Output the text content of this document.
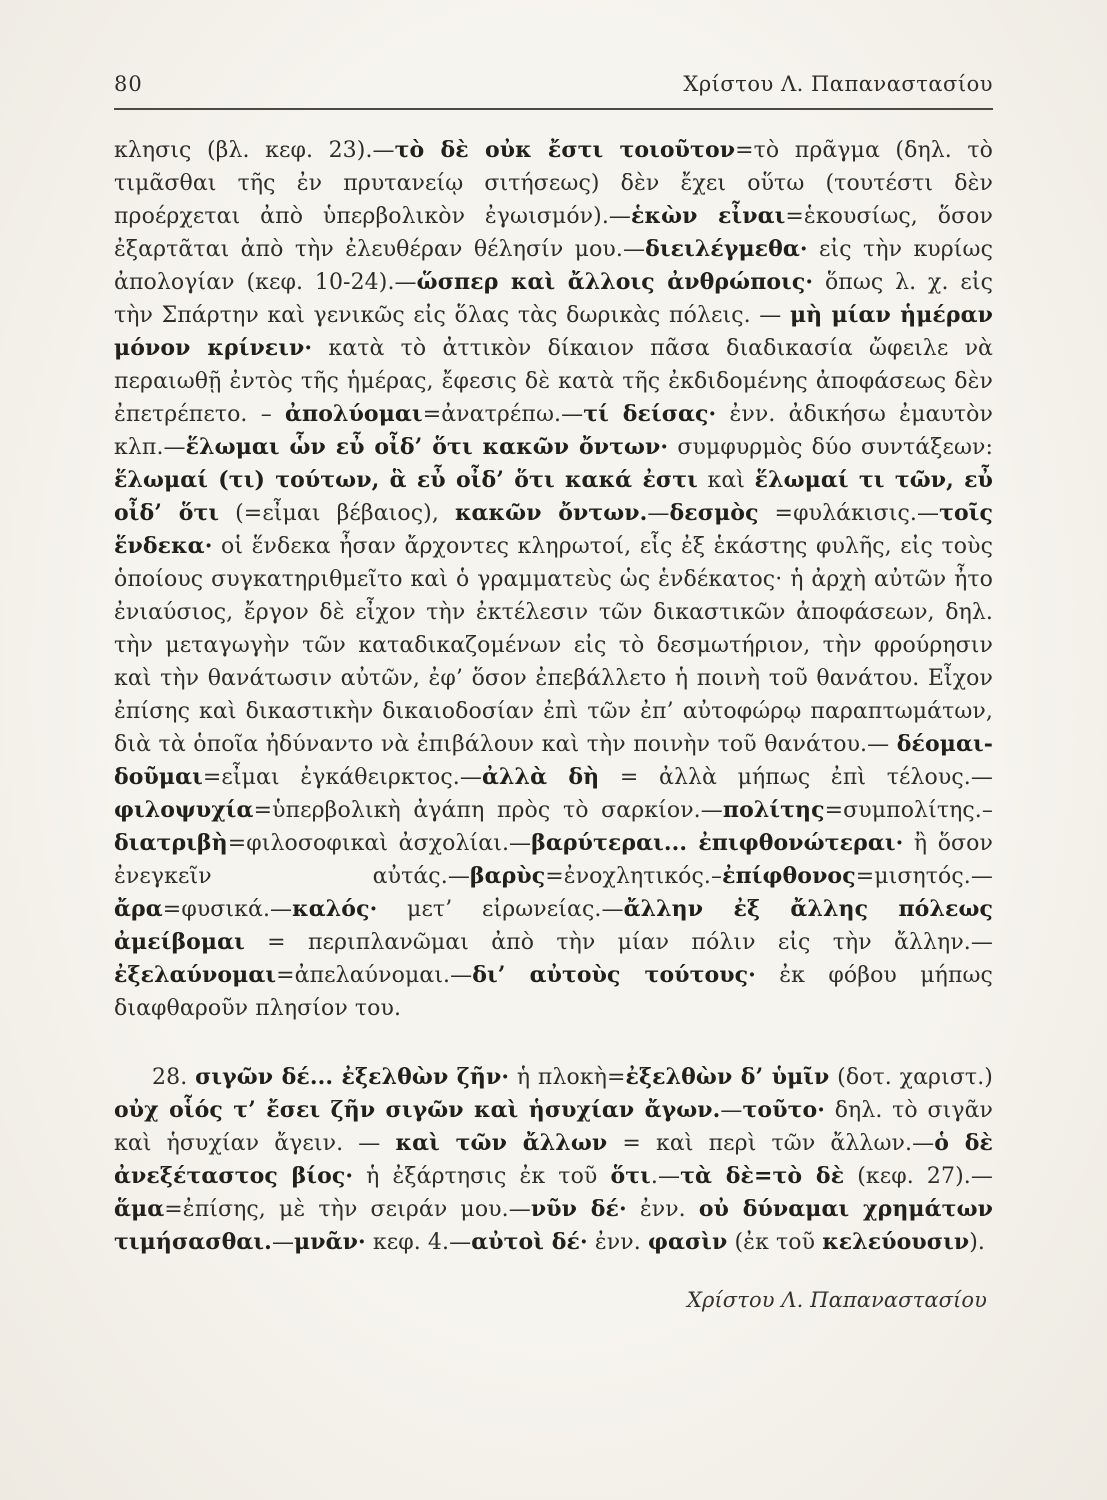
80	Χρίστου Λ. Παπαναστασίου

κλησις (βλ. κεφ. 23).—τὸ δὲ οὐκ ἔστι τοιοῦτον=τὸ πρᾶγμα (δηλ. τὸ τιμᾶσθαι τῆς ἐν πρυτανείῳ σιτήσεως) δὲν ἔχει οὕτω (τουτέστι δὲν προέρχεται ἀπὸ ὑπερβολικὸν ἐγωισμόν).—ἑκὼν εἶναι=ἑκουσίως, ὅσον ἐξαρτᾶται ἀπὸ τὴν ἐλευθέραν θέλησίν μου.—διειλέγμεθα· εἰς τὴν κυρίως ἀπολογίαν (κεφ. 10-24).—ὥσπερ καὶ ἄλλοις ἀνθρώποις· ὅπως λ. χ. εἰς τὴν Σπάρτην καὶ γενικῶς εἰς ὅλας τὰς δωρικὰς πόλεις. — μὴ μίαν ἡμέραν μόνον κρίνειν· κατὰ τὸ ἀττικὸν δίκαιον πᾶσα διαδικασία ὤφειλε νὰ περαιωθῇ ἐντὸς τῆς ἡμέρας, ἔφεσις δὲ κατὰ τῆς ἐκδιδομένης ἀποφάσεως δὲν ἐπετρέπετο. – ἀπολύομαι=ἀνατρέπω.—τί δείσας· ἐνν. ἀδικήσω ἐμαυτὸν κλπ.—ἕλωμαι ὧν εὖ οἶδ’ ὅτι κακῶν ὄντων· συμφυρμὸς δύο συντάξεων: ἕλωμαί (τι) τούτων, ἃ εὖ οἶδ’ ὅτι κακά ἐστι καὶ ἕλωμαί τι τῶν, εὖ οἶδ’ ὅτι (=εἶμαι βέβαιος), κακῶν ὄντων.—δεσμὸς =φυλάκισις.—τοῖς ἕνδεκα· οἱ ἕνδεκα ἦσαν ἄρχοντες κληρωτοί, εἷς ἐξ ἑκάστης φυλῆς, εἰς τοὺς ὁποίους συγκατηριθμεῖτο καὶ ὁ γραμματεὺς ὡς ἑνδέκατος· ἡ ἀρχὴ αὐτῶν ἦτο ἐνιαύσιος, ἔργον δὲ εἶχον τὴν ἐκτέλεσιν τῶν δικαστικῶν ἀποφάσεων, δηλ. τὴν μεταγωγὴν τῶν καταδικαζομένων εἰς τὸ δεσμωτήριον, τὴν φρούρησιν καὶ τὴν θανάτωσιν αὐτῶν, ἐφ’ ὅσον ἐπεβάλλετο ἡ ποινὴ τοῦ θανάτου. Εἶχον ἐπίσης καὶ δικαστικὴν δικαιοδοσίαν ἐπὶ τῶν ἐπ’ αὐτοφώρῳ παραπτωμάτων, διὰ τὰ ὁποῖα ἠδύναντο νὰ ἐπιβάλουν καὶ τὴν ποινὴν τοῦ θανάτου.— δέομαι-δοῦμαι=εἶμαι ἐγκάθειρκτος.—ἀλλὰ δὴ = ἀλλὰ μήπως ἐπὶ τέλους.—φιλοψυχία=ὑπερβολικὴ ἀγάπη πρὸς τὸ σαρκίον.—πολίτης=συμπολίτης.– διατριβὴ=φιλοσοφικαὶ ἀσχολίαι.—βαρύτεραι... ἐπιφθονώτεραι· ἢ ὅσον ἐνεγκεῖν αὐτάς.—βαρὺς=ἐνοχλητικός.–ἐπίφθονος=μισητός.—ἄρα=φυσικά.—καλός· μετ’ εἰρωνείας.—ἄλλην ἐξ ἄλλης πόλεως ἀμείβομαι = περιπλανῶμαι ἀπὸ τὴν μίαν πόλιν εἰς τὴν ἄλλην.—ἐξελαύνομαι=ἀπελαύνομαι.—δι’ αὐτοὺς τούτους· ἐκ φόβου μήπως διαφθαροῦν πλησίον του.

28. σιγῶν δέ... ἐξελθὼν ζῆν· ἡ πλοκὴ=ἐξελθὼν δ’ ὑμῖν (δοτ. χαριστ.) οὐχ οἷός τ’ ἔσει ζῆν σιγῶν καὶ ἡσυχίαν ἄγων.—τοῦτο· δηλ. τὸ σιγᾶν καὶ ἡσυχίαν ἄγειν. — καὶ τῶν ἄλλων = καὶ περὶ τῶν ἄλλων.—ὁ δὲ ἀνεξέταστος βίος· ἡ ἐξάρτησις ἐκ τοῦ ὅτι.—τὰ δὲ=τὸ δὲ (κεφ. 27).—ἅμα=ἐπίσης, μὲ τὴν σειράν μου.—νῦν δέ· ἐνν. οὐ δύναμαι χρημάτων τιμήσασθαι.—μνᾶν· κεφ. 4.—αὐτοὶ δέ· ἐνν. φασὶν (ἐκ τοῦ κελεύουσιν).

Χρίστου Λ. Παπαναστασίου
